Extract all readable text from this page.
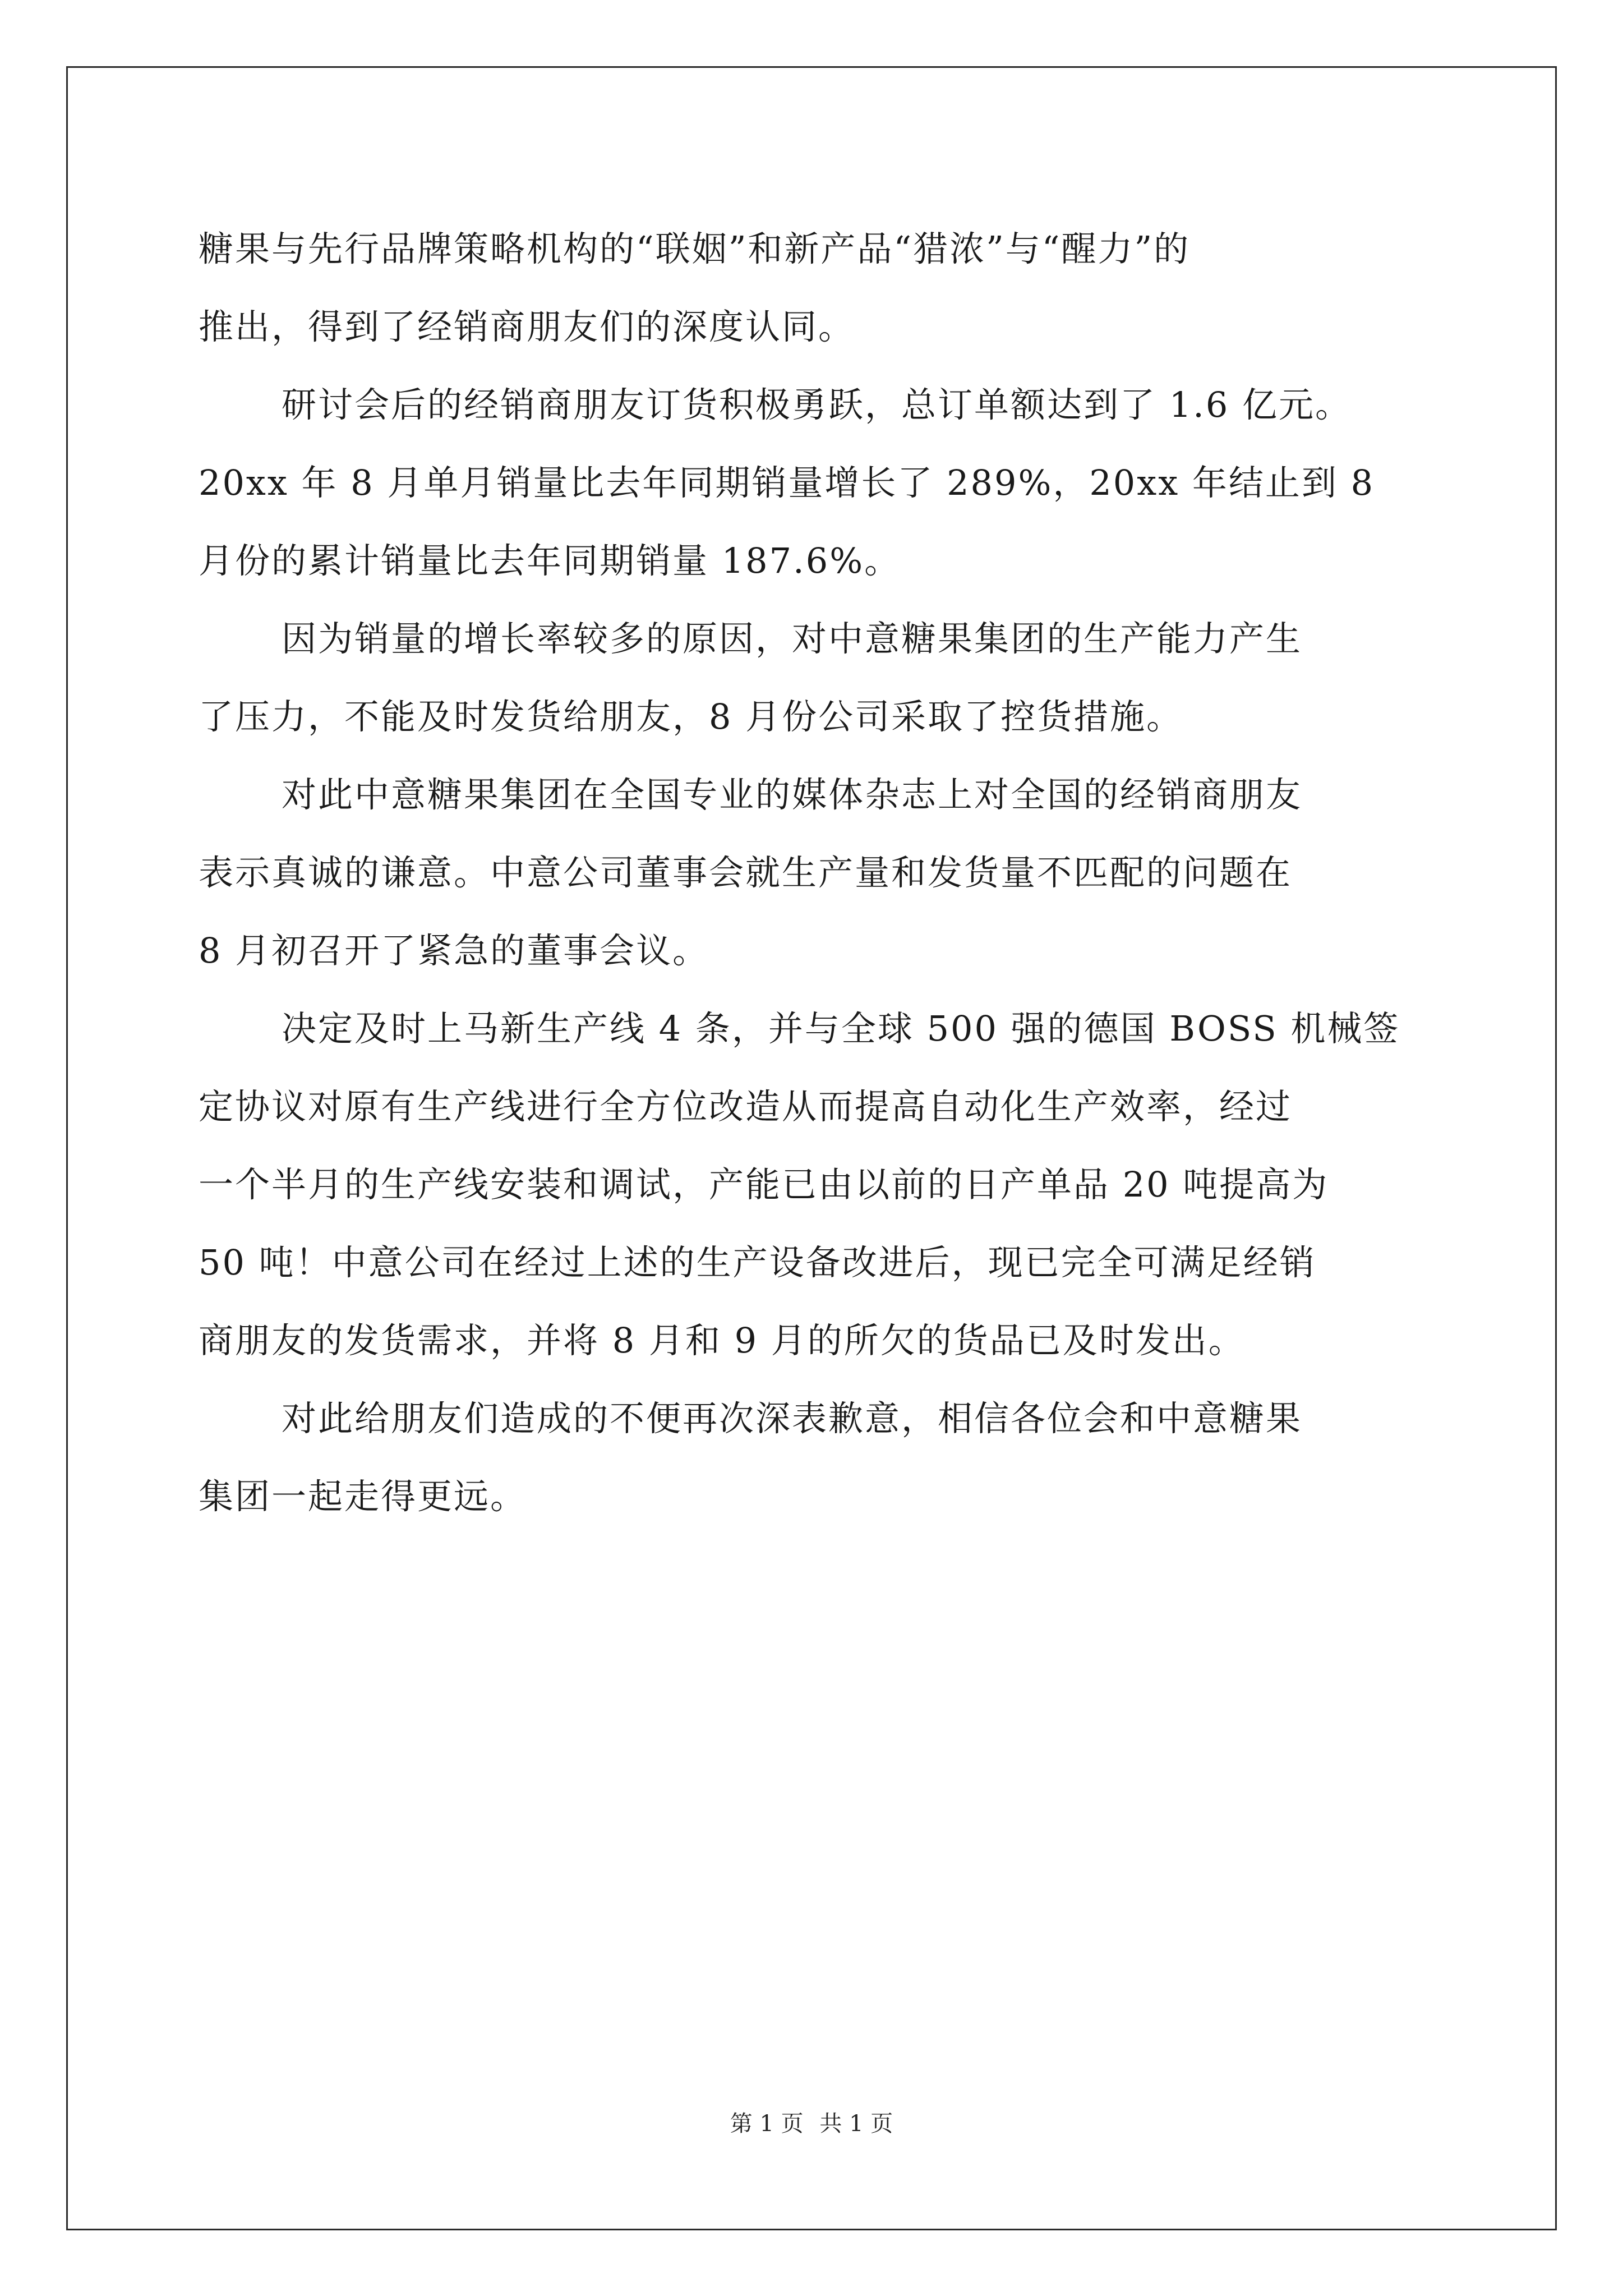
糖果与先行品牌策略机构的“联姻”和新产品“猎浓”与“醒力”的
推出，得到了经销商朋友们的深度认同。
研讨会后的经销商朋友订货积极勇跃，总订单额达到了 1.6 亿元。
20xx 年 8 月单月销量比去年同期销量增长了 289%，20xx 年结止到 8
月份的累计销量比去年同期销量 187.6%。
因为销量的增长率较多的原因，对中意糖果集团的生产能力产生
了压力，不能及时发货给朋友，8 月份公司采取了控货措施。
对此中意糖果集团在全国专业的媒体杂志上对全国的经销商朋友
表示真诚的谦意。中意公司董事会就生产量和发货量不匹配的问题在
8 月初召开了紧急的董事会议。
决定及时上马新生产线 4 条，并与全球 500 强的德国 BOSS 机械签
定协议对原有生产线进行全方位改造从而提高自动化生产效率，经过
一个半月的生产线安装和调试，产能已由以前的日产单品 20 吨提高为
50 吨！中意公司在经过上述的生产设备改进后，现已完全可满足经销
商朋友的发货需求，并将 8 月和 9 月的所欠的货品已及时发出。
对此给朋友们造成的不便再次深表歉意，相信各位会和中意糖果
集团一起走得更远。
第 1 页 共 1 页
